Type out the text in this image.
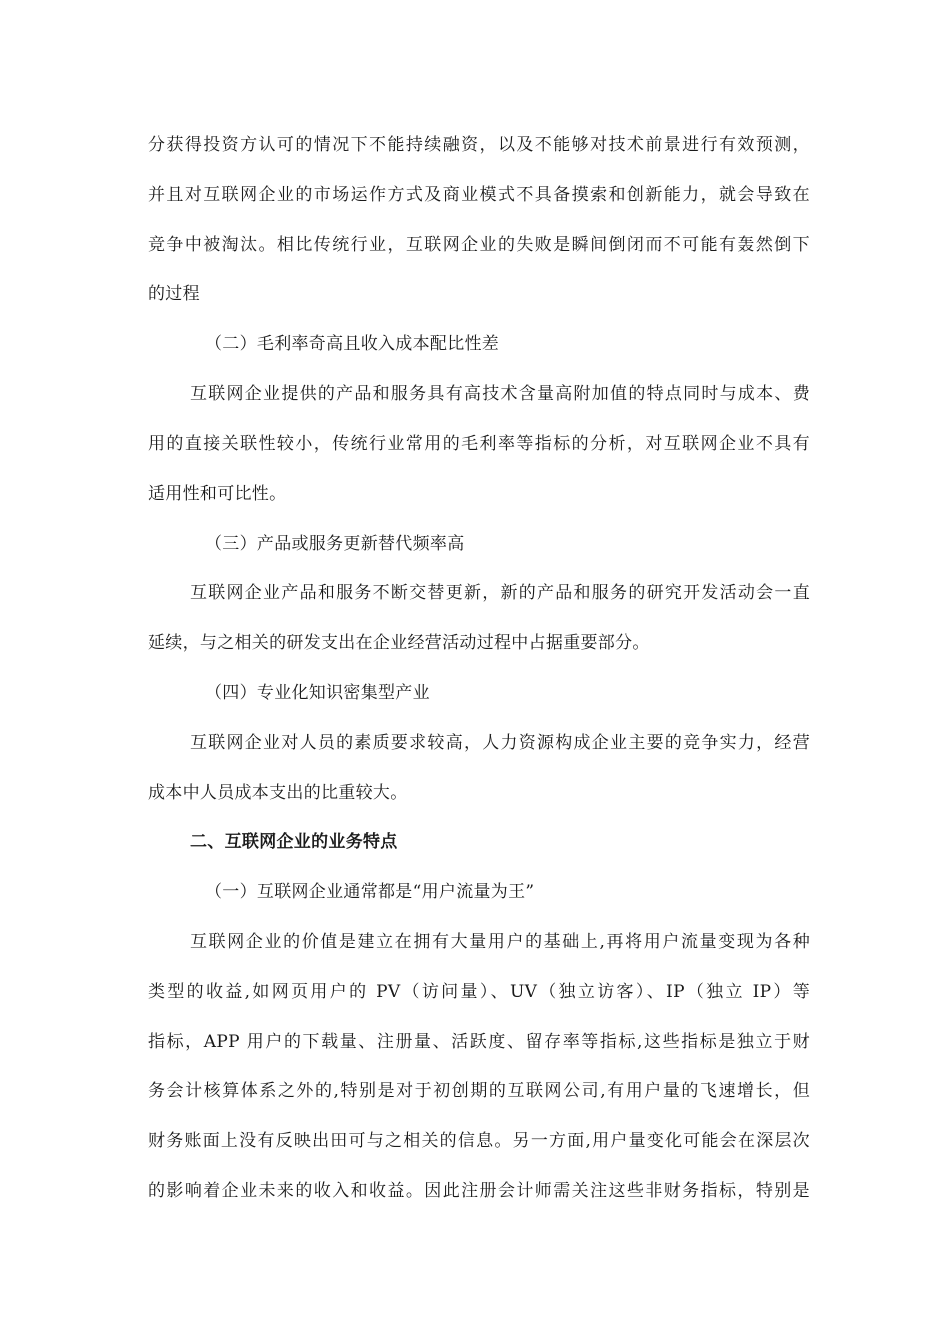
分获得投资方认可的情况下不能持续融资，以及不能够对技术前景进行有效预测，
并且对互联网企业的市场运作方式及商业模式不具备摸索和创新能力，就会导致在
竞争中被淘汰。相比传统行业，互联网企业的失败是瞬间倒闭而不可能有轰然倒下
的过程
（二）毛利率奇高且收入成本配比性差
互联网企业提供的产品和服务具有高技术含量高附加值的特点同时与成本、费
用的直接关联性较小，传统行业常用的毛利率等指标的分析，对互联网企业不具有
适用性和可比性。
（三）产品或服务更新替代频率高
互联网企业产品和服务不断交替更新，新的产品和服务的研究开发活动会一直
延续，与之相关的研发支出在企业经营活动过程中占据重要部分。
（四）专业化知识密集型产业
互联网企业对人员的素质要求较高，人力资源构成企业主要的竞争实力，经营
成本中人员成本支出的比重较大。
二、互联网企业的业务特点
（一）互联网企业通常都是“用户流量为王”
互联网企业的价值是建立在拥有大量用户的基础上,再将用户流量变现为各种
类型的收益,如网页用户的 PV（访问量）、UV（独立访客）、IP（独立 IP）等
指标，APP 用户的下载量、注册量、活跃度、留存率等指标,这些指标是独立于财
务会计核算体系之外的,特别是对于初创期的互联网公司,有用户量的飞速增长，但
财务账面上没有反映出田可与之相关的信息。另一方面,用户量变化可能会在深层次
的影响着企业未来的收入和收益。因此注册会计师需关注这些非财务指标，特别是
